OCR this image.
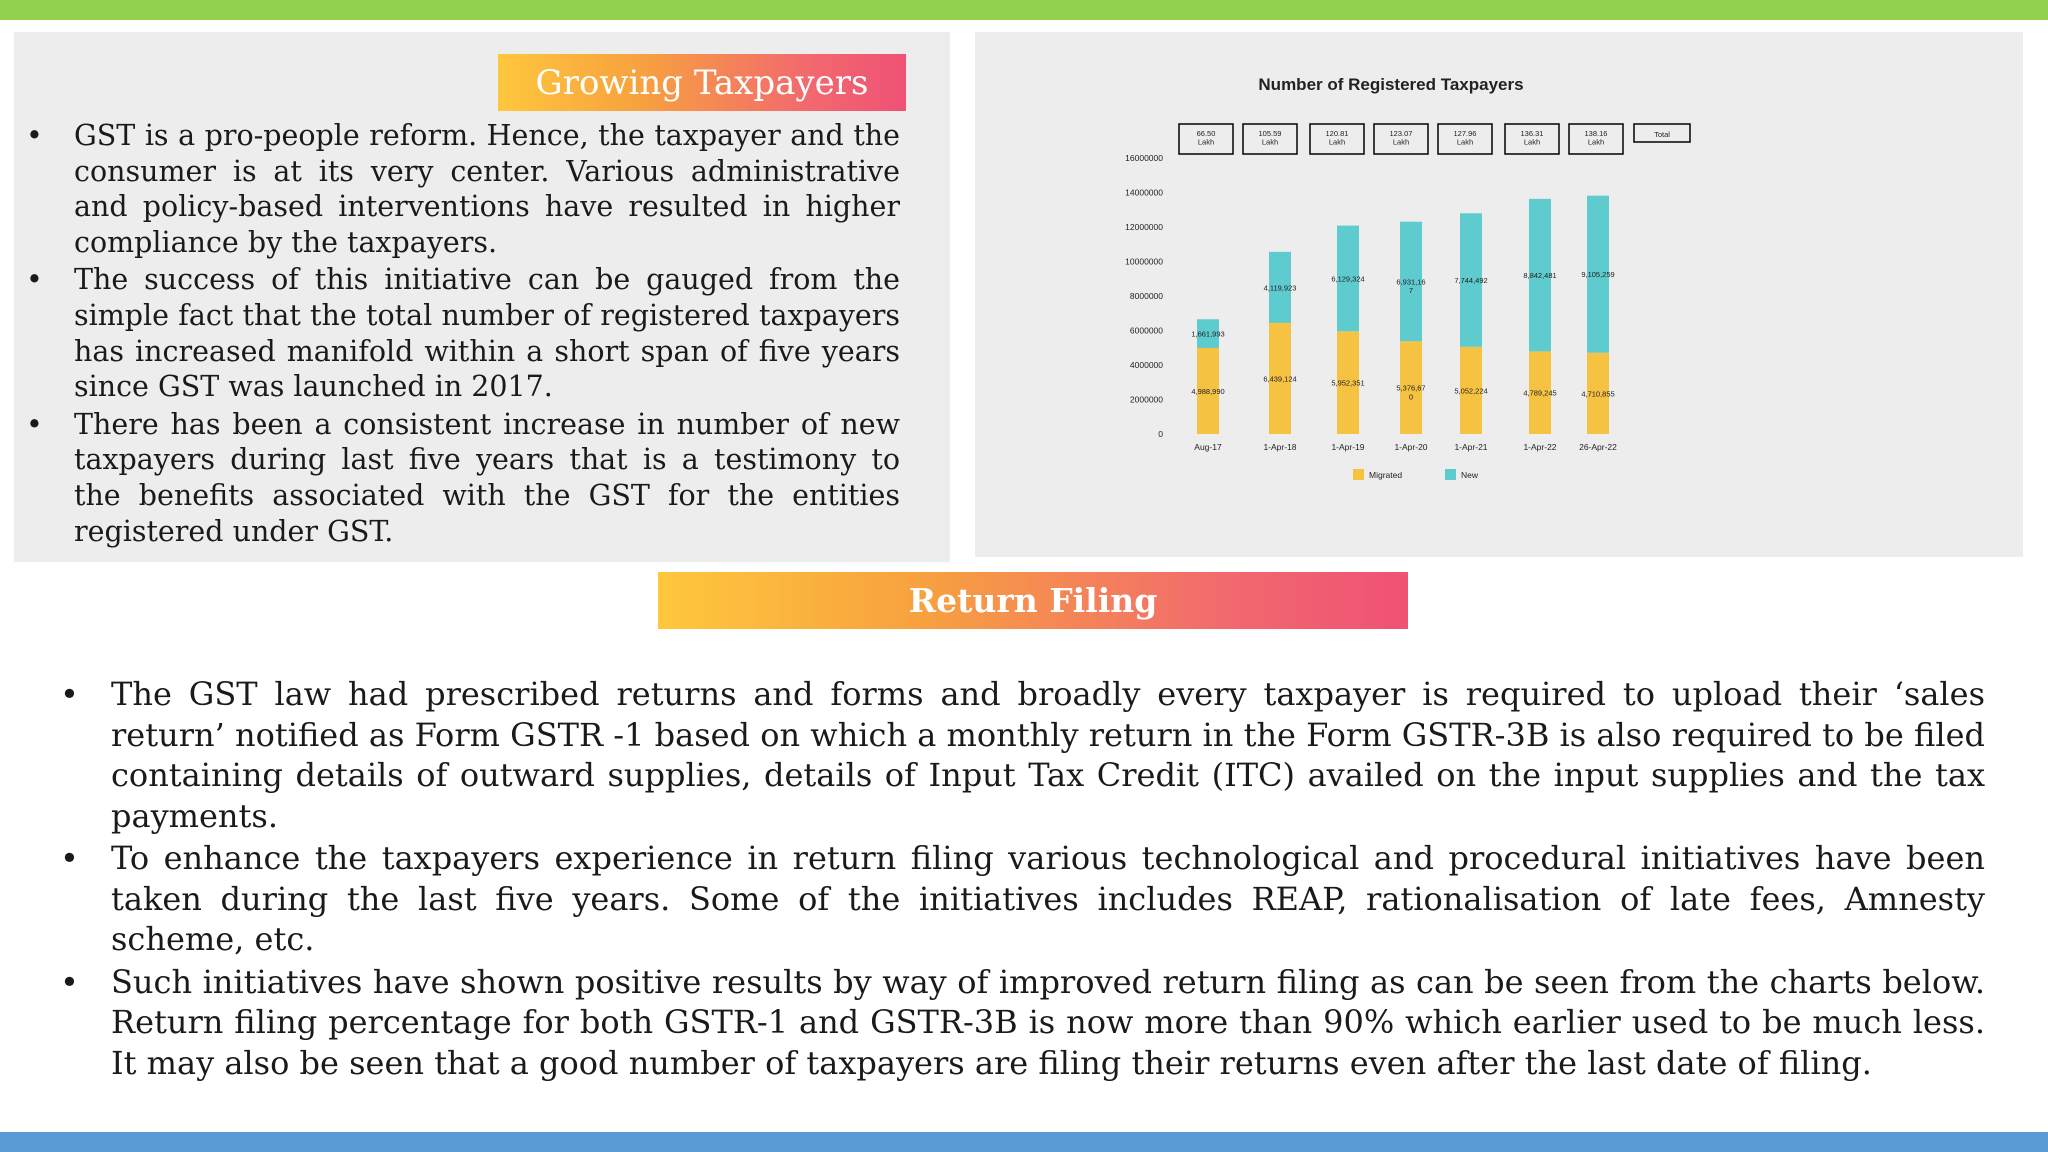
Growing Taxpayers
• GST is a pro-people reform. Hence, the taxpayer and the consumer is at its very center. Various administrative and policy-based interventions have resulted in higher compliance by the taxpayers.
• The success of this initiative can be gauged from the simple fact that the total number of registered taxpayers has increased manifold within a short span of five years since GST was launched in 2017.
• There has been a consistent increase in number of new taxpayers during last five years that is a testimony to the benefits associated with the GST for the entities registered under GST.
Number of Registered Taxpayers
0
2000000
4000000
6000000
8000000
10000000
12000000
14000000
16000000
4,988,990
1,661,993
Aug-17
6,439,124
4,119,923
1-Apr-18
5,952,351
6,129,324
1-Apr-19
5,376,67 0
6,931,16 7
1-Apr-20
5,052,224
7,744,492
1-Apr-21
4,789,245
8,842,481
1-Apr-22
4,710,855
9,105,259
26-Apr-22
66.50 Lakh
105.59 Lakh
120.81 Lakh
123.07 Lakh
127.96 Lakh
136.31 Lakh
138.16 Lakh
Total
Migrated	New
Return Filing
• The GST law had prescribed returns and forms and broadly every taxpayer is required to upload their ‘sales return’ notified as Form GSTR -1 based on which a monthly return in the Form GSTR-3B is also required to be filed containing details of outward supplies, details of Input Tax Credit (ITC) availed on the input supplies and the tax payments.
• To enhance the taxpayers experience in return filing various technological and procedural initiatives have been taken during the last five years. Some of the initiatives includes REAP, rationalisation of late fees, Amnesty scheme, etc.
• Such initiatives have shown positive results by way of improved return filing as can be seen from the charts below. Return filing percentage for both GSTR-1 and GSTR-3B is now more than 90% which earlier used to be much less. It may also be seen that a good number of taxpayers are filing their returns even after the last date of filing.
